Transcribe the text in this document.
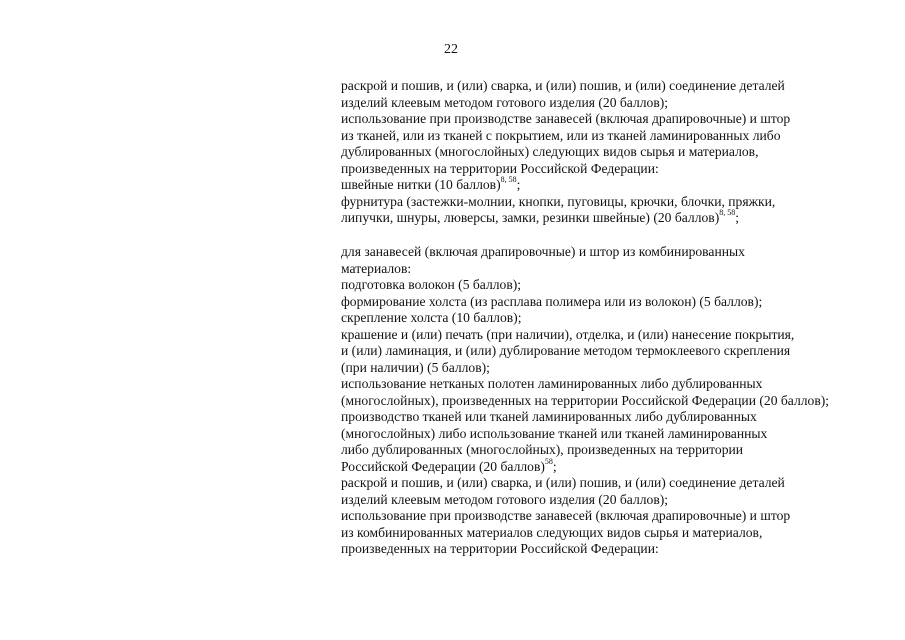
22
раскрой и пошив, и (или) сварка, и (или) пошив, и (или) соединение деталей
изделий клеевым методом готового изделия (20 баллов);
использование при производстве занавесей (включая драпировочные) и штор
из тканей, или из тканей с покрытием, или из тканей ламинированных либо
дублированных (многослойных) следующих видов сырья и материалов,
произведенных на территории Российской Федерации:
швейные нитки (10 баллов)$^{8, 58}$;
фурнитура (застежки-молнии, кнопки, пуговицы, крючки, блочки, пряжки,
липучки, шнуры, люверсы, замки, резинки швейные) (20 баллов)$^{8, 58}$;
для занавесей (включая драпировочные) и штор из комбинированных
материалов:
подготовка волокон (5 баллов);
формирование холста (из расплава полимера или из волокон) (5 баллов);
скрепление холста (10 баллов);
крашение и (или) печать (при наличии), отделка, и (или) нанесение покрытия,
и (или) ламинация, и (или) дублирование методом термоклеевого скрепления
(при наличии) (5 баллов);
использование нетканых полотен ламинированных либо дублированных
(многослойных), произведенных на территории Российской Федерации (20 баллов);
производство тканей или тканей ламинированных либо дублированных
(многослойных) либо использование тканей или тканей ламинированных
либо дублированных (многослойных), произведенных на территории
Российской Федерации (20 баллов)$^{58}$;
раскрой и пошив, и (или) сварка, и (или) пошив, и (или) соединение деталей
изделий клеевым методом готового изделия (20 баллов);
использование при производстве занавесей (включая драпировочные) и штор
из комбинированных материалов следующих видов сырья и материалов,
произведенных на территории Российской Федерации:
